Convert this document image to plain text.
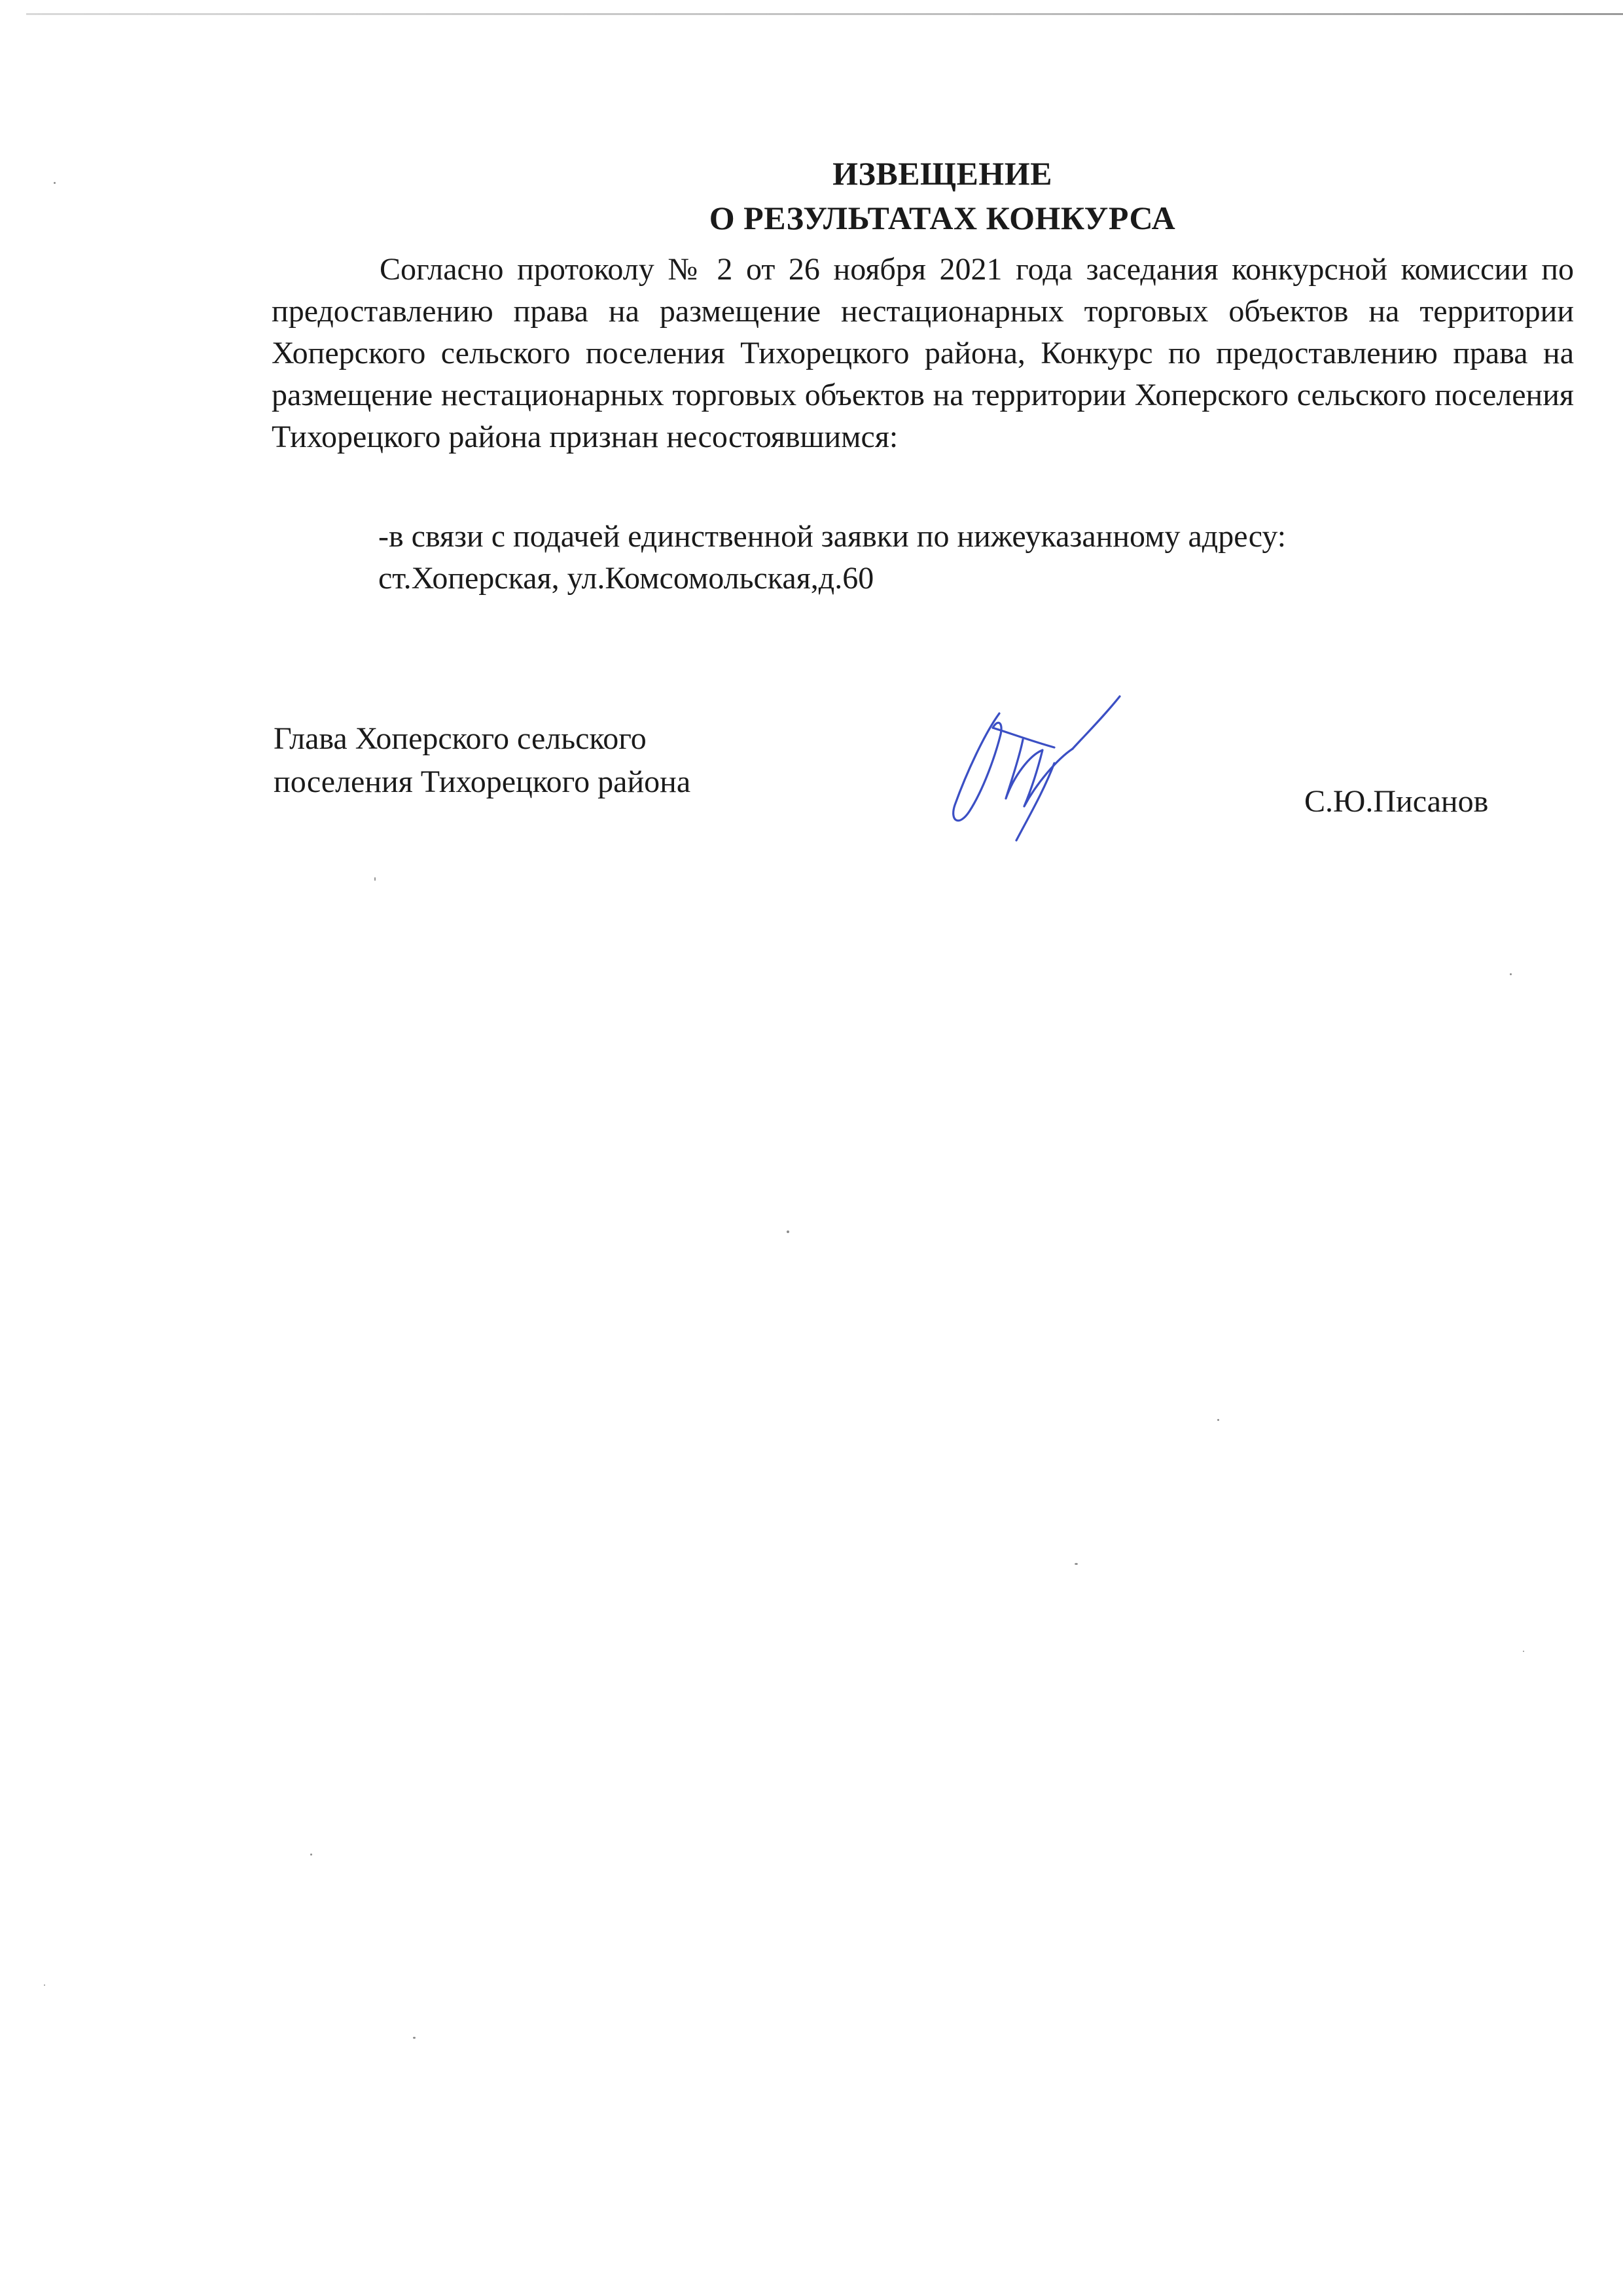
ИЗВЕЩЕНИЕ
О РЕЗУЛЬТАТАХ КОНКУРСА
Согласно протоколу № 2 от 26 ноября 2021 года заседания конкурсной комиссии по предоставлению права на размещение нестационарных торговых объектов на территории Хоперского сельского поселения Тихорецкого района, Конкурс по предоставлению права на размещение нестационарных торговых объектов на территории Хоперского сельского поселения Тихорецкого района признан несостоявшимся:
-в связи с подачей единственной заявки по нижеуказанному адресу:
ст.Хоперская, ул.Комсомольская,д.60
Глава Хоперского сельского
поселения Тихорецкого района
С.Ю.Писанов
